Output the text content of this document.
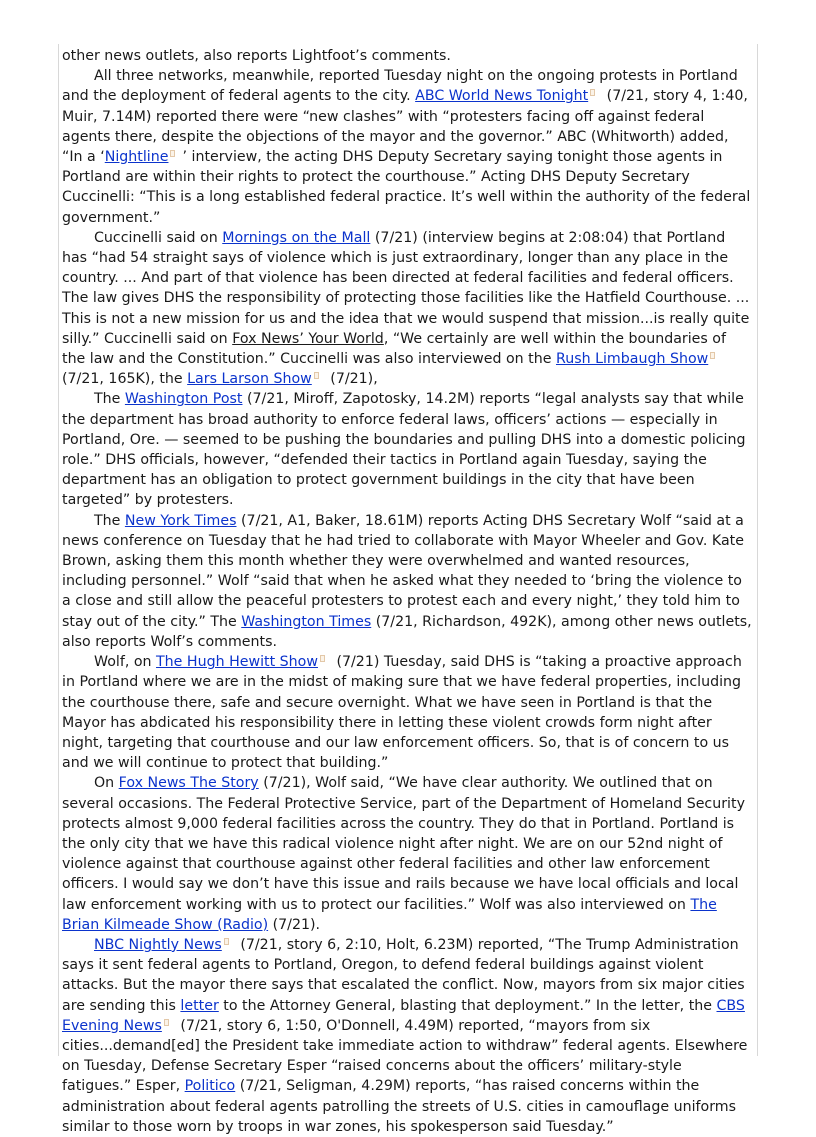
other news outlets, also reports Lightfoot’s comments.

All three networks, meanwhile, reported Tuesday night on the ongoing protests in Portland and the deployment of federal agents to the city. ABC World News Tonight
(7/21, story 4, 1:40, Muir, 7.14M) reported there were “new clashes” with “protesters facing off against federal agents there, despite the objections of the mayor and the governor.” ABC (Whitworth) added, “In a ‘Nightline ’ interview, the acting DHS Deputy Secretary saying tonight those agents in Portland are within their rights to protect the courthouse.” Acting DHS Deputy Secretary Cuccinelli: “This is a long established federal practice. It’s well within the authority of the federal government.”

Cuccinelli said on Mornings on the Mall (7/21) (interview begins at 2:08:04) that Portland has “had 54 straight says of violence which is just extraordinary, longer than any place in the country. ... And part of that violence has been directed at federal facilities and federal officers. The law gives DHS the responsibility of protecting those facilities like the Hatfield Courthouse. ... This is not a new mission for us and the idea that we would suspend that mission...is really quite silly.” Cuccinelli said on Fox News’ Your World, “We certainly are well within the boundaries of the law and the Constitution.” Cuccinelli was also interviewed on the Rush Limbaugh Show
(7/21, 165K), the Lars Larson Show
(7/21),

The Washington Post (7/21, Miroff, Zapotosky, 14.2M) reports “legal analysts say that while the department has broad authority to enforce federal laws, officers’ actions — especially in Portland, Ore. — seemed to be pushing the boundaries and pulling DHS into a domestic policing role.” DHS officials, however, “defended their tactics in Portland again Tuesday, saying the department has an obligation to protect government buildings in the city that have been targeted” by protesters.

The New York Times (7/21, A1, Baker, 18.61M) reports Acting DHS Secretary Wolf “said at a news conference on Tuesday that he had tried to collaborate with Mayor Wheeler and Gov. Kate Brown, asking them this month whether they were overwhelmed and wanted resources, including personnel.” Wolf “said that when he asked what they needed to ‘bring the violence to a close and still allow the peaceful protesters to protest each and every night,’ they told him to stay out of the city.” The Washington Times (7/21, Richardson, 492K), among other news outlets, also reports Wolf’s comments.

Wolf, on The Hugh Hewitt Show
(7/21) Tuesday, said DHS is “taking a proactive approach in Portland where we are in the midst of making sure that we have federal properties, including the courthouse there, safe and secure overnight. What we have seen in Portland is that the Mayor has abdicated his responsibility there in letting these violent crowds form night after night, targeting that courthouse and our law enforcement officers. So, that is of concern to us and we will continue to protect that building.”

On Fox News The Story (7/21), Wolf said, “We have clear authority. We outlined that on several occasions. The Federal Protective Service, part of the Department of Homeland Security protects almost 9,000 federal facilities across the country. They do that in Portland. Portland is the only city that we have this radical violence night after night. We are on our 52nd night of violence against that courthouse against other federal facilities and other law enforcement officers. I would say we don’t have this issue and rails because we have local officials and local law enforcement working with us to protect our facilities.” Wolf was also interviewed on The Brian Kilmeade Show (Radio) (7/21).

NBC Nightly News
(7/21, story 6, 2:10, Holt, 6.23M) reported, “The Trump Administration says it sent federal agents to Portland, Oregon, to defend federal buildings against violent attacks. But the mayor there says that escalated the conflict. Now, mayors from six major cities are sending this letter to the Attorney General, blasting that deployment.” In the letter, the CBS Evening News
(7/21, story 6, 1:50, O'Donnell, 4.49M) reported, “mayors from six cities...demand[ed] the President take immediate action to withdraw” federal agents. Elsewhere on Tuesday, Defense Secretary Esper “raised concerns about the officers’ military-style fatigues.” Esper, Politico (7/21, Seligman, 4.29M) reports, “has raised concerns within the administration about federal agents patrolling the streets of U.S. cities in camouflage uniforms similar to those worn by troops in war zones, his spokesperson said Tuesday.”
